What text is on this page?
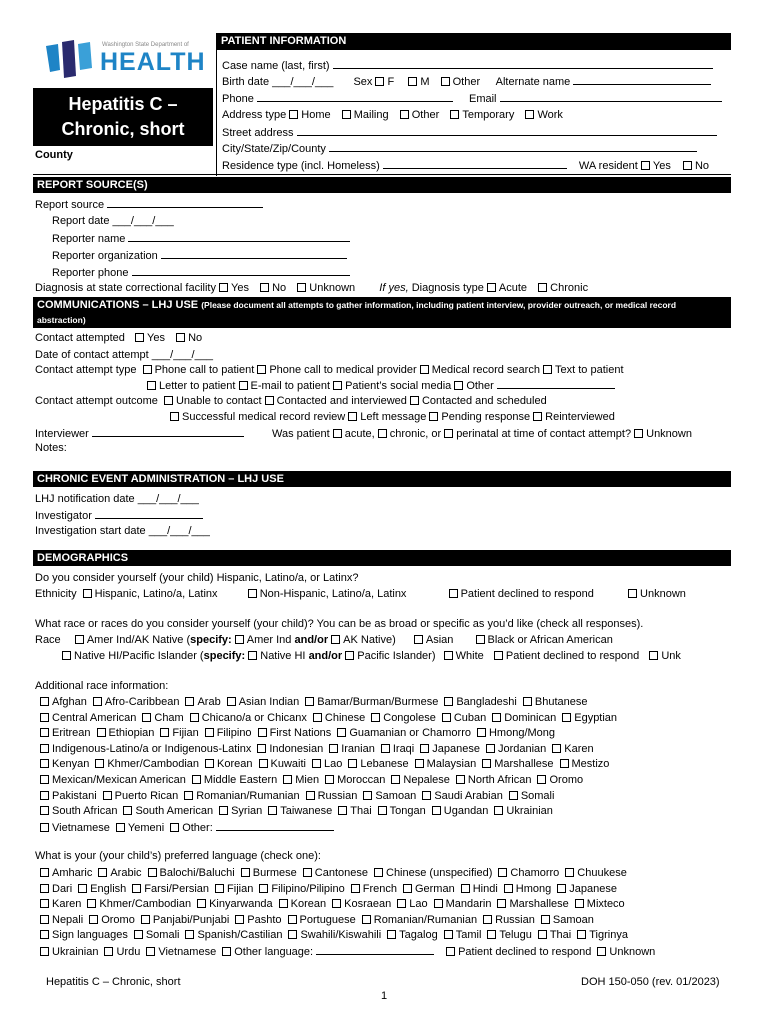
Washington State Department of
HEALTH
Hepatitis C –
Chronic, short
County
PATIENT INFORMATION
Case name (last, first)
Birth date ___/___/___ Sex F M Other Alternate name
Phone	Email
Address type Home Mailing Other Temporary Work
Street address
City/State/Zip/County
Residence type (incl. Homeless)	WA resident Yes No
REPORT SOURCE(S)
Report source
Report date ___/___/___
Reporter name
Reporter organization
Reporter phone
Diagnosis at state correctional facility Yes No Unknown If yes, Diagnosis type Acute Chronic
COMMUNICATIONS – LHJ USE (Please document all attempts to gather information, including patient interview, provider outreach, or medical record
abstraction)
Contact attempted Yes No
Date of contact attempt ___/___/___
Contact attempt type Phone call to patient Phone call to medical provider Medical record search Text to patient
Letter to patient E-mail to patient Patient’s social media Other
Contact attempt outcome Unable to contact Contacted and interviewed Contacted and scheduled
Successful medical record review Left message Pending response Reinterviewed
Interviewer	Was patient acute, chronic, or perinatal at time of contact attempt? Unknown
Notes:
CHRONIC EVENT ADMINISTRATION – LHJ USE
LHJ notification date ___/___/___
Investigator
Investigation start date ___/___/___
DEMOGRAPHICS
Do you consider yourself (your child) Hispanic, Latino/a, or Latinx?
Ethnicity Hispanic, Latino/a, Latinx	Non-Hispanic, Latino/a, Latinx	Patient declined to respond	Unknown
What race or races do you consider yourself (your child)? You can be as broad or specific as you’d like (check all responses).
Race Amer Ind/AK Native (specify: Amer Ind and/or AK Native)	Asian	Black or African American
Native HI/Pacific Islander (specify: Native HI and/or Pacific Islander) White Patient declined to respond Unk
Additional race information:
Afghan Afro-Caribbean Arab Asian Indian Bamar/Burman/Burmese Bangladeshi Bhutanese
Central American Cham Chicano/a or Chicanx Chinese Congolese Cuban Dominican Egyptian
Eritrean Ethiopian Fijian Filipino First Nations Guamanian or Chamorro Hmong/Mong
Indigenous-Latino/a or Indigenous-Latinx Indonesian Iranian Iraqi Japanese Jordanian Karen
Kenyan Khmer/Cambodian Korean Kuwaiti Lao Lebanese Malaysian Marshallese Mestizo
Mexican/Mexican American Middle Eastern Mien Moroccan Nepalese North African Oromo
Pakistani Puerto Rican Romanian/Rumanian Russian Samoan Saudi Arabian Somali
South African South American Syrian Taiwanese Thai Tongan Ugandan Ukrainian
Vietnamese Yemeni Other:
What is your (your child’s) preferred language (check one):
Amharic Arabic Balochi/Baluchi Burmese Cantonese Chinese (unspecified) Chamorro Chuukese
Dari English Farsi/Persian Fijian Filipino/Pilipino French German Hindi Hmong Japanese
Karen Khmer/Cambodian Kinyarwanda Korean Kosraean Lao Mandarin Marshallese Mixteco
Nepali Oromo Panjabi/Punjabi Pashto Portuguese Romanian/Rumanian Russian Samoan
Sign languages Somali Spanish/Castilian Swahili/Kiswahili Tagalog Tamil Telugu Thai Tigrinya
Ukrainian Urdu Vietnamese Other language:	Patient declined to respond Unknown
Hepatitis C – Chronic, short	DOH 150-050 (rev. 01/2023)
1
